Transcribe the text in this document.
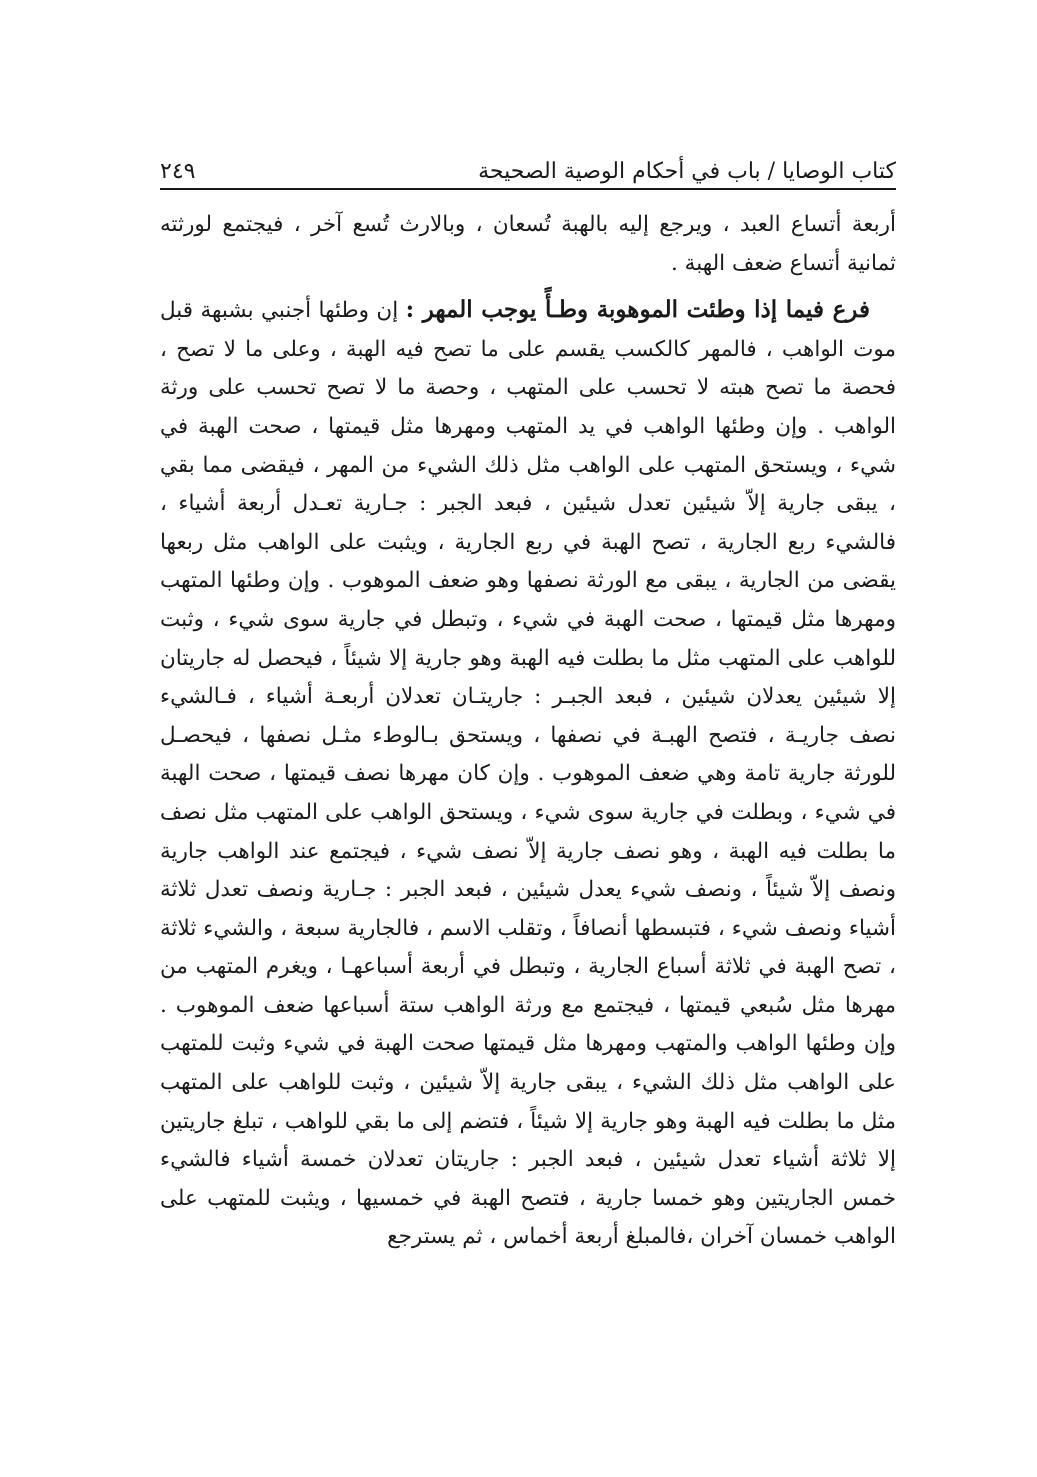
كتاب الوصايا / باب في أحكام الوصية الصحيحة
٢٤٩

أربعة أتساع العبد ، ويرجع إليه بالهبة تُسعان ، وبالارث تُسع آخر ، فيجتمع لورثته ثمانية أتساع ضعف الهبة .

فرع فيما إذا وطئت الموهوبة وطـأً يوجب المهر : إن وطئها أجنبي بشبهة قبل موت الواهب ، فالمهر كالكسب يقسم على ما تصح فيه الهبة ، وعلى ما لا تصح ، فحصة ما تصح هبته لا تحسب على المتهب ، وحصة ما لا تصح تحسب على ورثة الواهب . وإن وطئها الواهب في يد المتهب ومهرها مثل قيمتها ، صحت الهبة في شيء ، ويستحق المتهب على الواهب مثل ذلك الشيء من المهر ، فيقضى مما بقي ، يبقى جارية إلاّ شيئين تعدل شيئين ، فبعد الجبر : جـارية تعـدل أربعة أشياء ، فالشيء ربع الجارية ، تصح الهبة في ربع الجارية ، ويثبت على الواهب مثل ربعها يقضى من الجارية ، يبقى مع الورثة نصفها وهو ضعف الموهوب . وإن وطئها المتهب ومهرها مثل قيمتها ، صحت الهبة في شيء ، وتبطل في جارية سوى شيء ، وثبت للواهب على المتهب مثل ما بطلت فيه الهبة وهو جارية إلا شيئاً ، فيحصل له جاريتان إلا شيئين يعدلان شيئين ، فبعد الجبـر : جاريتـان تعدلان أربعـة أشياء ، فـالشيء نصف جاريـة ، فتصح الهبـة في نصفها ، ويستحق بـالوطء مثـل نصفها ، فيحصـل للورثة جارية تامة وهي ضعف الموهوب . وإن كان مهرها نصف قيمتها ، صحت الهبة في شيء ، وبطلت في جارية سوى شيء ، ويستحق الواهب على المتهب مثل نصف ما بطلت فيه الهبة ، وهو نصف جارية إلاّ نصف شيء ، فيجتمع عند الواهب جارية ونصف إلاّ شيئاً ، ونصف شيء يعدل شيئين ، فبعد الجبر : جـارية ونصف تعدل ثلاثة أشياء ونصف شيء ، فتبسطها أنصافاً ، وتقلب الاسم ، فالجارية سبعة ، والشيء ثلاثة ، تصح الهبة في ثلاثة أسباع الجارية ، وتبطل في أربعة أسباعهـا ، ويغرم المتهب من مهرها مثل سُبعي قيمتها ، فيجتمع مع ورثة الواهب ستة أسباعها ضعف الموهوب . وإن وطئها الواهب والمتهب ومهرها مثل قيمتها صحت الهبة في شيء وثبت للمتهب على الواهب مثل ذلك الشيء ، يبقى جارية إلاّ شيئين ، وثبت للواهب على المتهب مثل ما بطلت فيه الهبة وهو جارية إلا شيئاً ، فتضم إلى ما بقي للواهب ، تبلغ جاريتين إلا ثلاثة أشياء تعدل شيئين ، فبعد الجبر : جاريتان تعدلان خمسة أشياء فالشيء خمس الجاريتين وهو خمسا جارية ، فتصح الهبة في خمسيها ، ويثبت للمتهب على الواهب خمسان آخران ،فالمبلغ أربعة أخماس ، ثم يسترجع
